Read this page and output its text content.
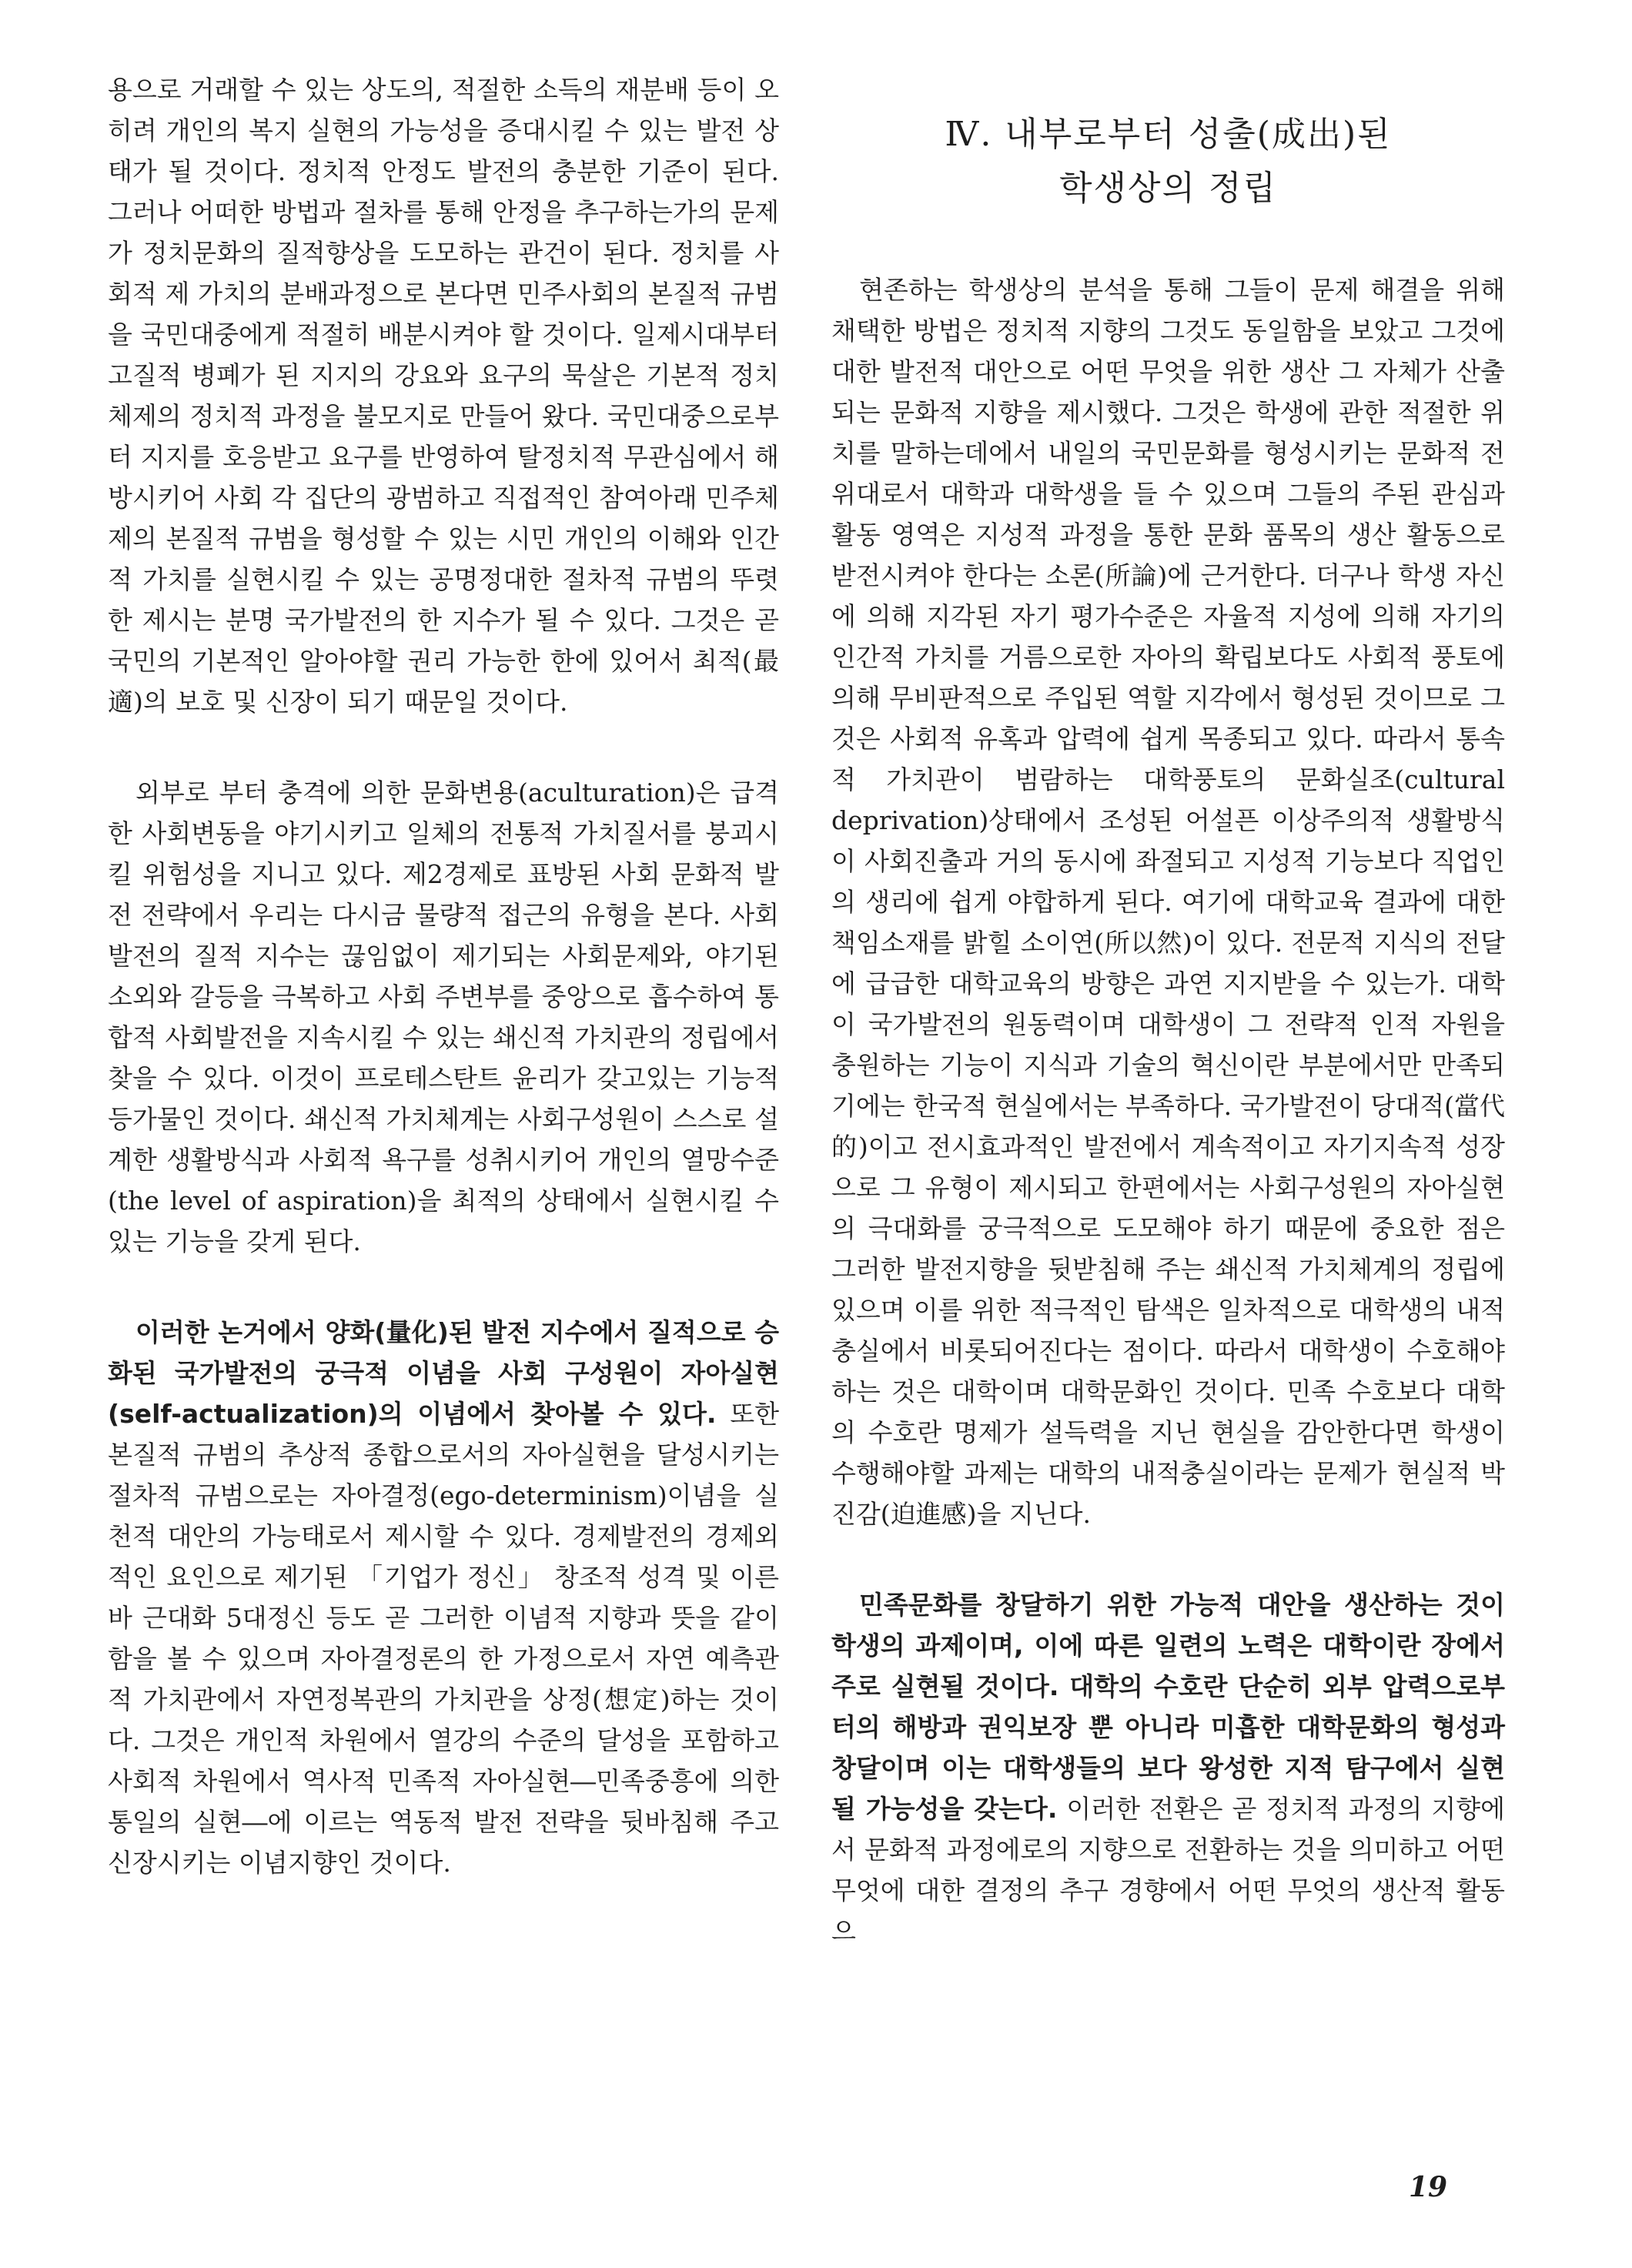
용으로 거래할 수 있는 상도의, 적절한 소득의 재분배 등이 오히려 개인의 복지 실현의 가능성을 증대시킬 수 있는 발전 상태가 될 것이다. 정치적 안정도 발전의 충분한 기준이 된다. 그러나 어떠한 방법과 절차를 통해 안정을 추구하는가의 문제가 정치문화의 질적향상을 도모하는 관건이 된다. 정치를 사회적 제 가치의 분배과정으로 본다면 민주사회의 본질적 규범을 국민대중에게 적절히 배분시켜야 할 것이다. 일제시대부터 고질적 병폐가 된 지지의 강요와 요구의 묵살은 기본적 정치체제의 정치적 과정을 불모지로 만들어 왔다. 국민대중으로부터 지지를 호응받고 요구를 반영하여 탈정치적 무관심에서 해방시키어 사회 각 집단의 광범하고 직접적인 참여아래 민주체제의 본질적 규범을 형성할 수 있는 시민 개인의 이해와 인간적 가치를 실현시킬 수 있는 공명정대한 절차적 규범의 뚜렷한 제시는 분명 국가발전의 한 지수가 될 수 있다. 그것은 곧 국민의 기본적인 알아야할 권리 가능한 한에 있어서 최적(最適)의 보호 및 신장이 되기 때문일 것이다.

외부로 부터 충격에 의한 문화변용(aculturation)은 급격한 사회변동을 야기시키고 일체의 전통적 가치질서를 붕괴시킬 위험성을 지니고 있다. 제2경제로 표방된 사회 문화적 발전 전략에서 우리는 다시금 물량적 접근의 유형을 본다. 사회발전의 질적 지수는 끊임없이 제기되는 사회문제와, 야기된 소외와 갈등을 극복하고 사회 주변부를 중앙으로 흡수하여 통합적 사회발전을 지속시킬 수 있는 쇄신적 가치관의 정립에서 찾을 수 있다. 이것이 프로테스탄트 윤리가 갖고있는 기능적 등가물인 것이다. 쇄신적 가치체계는 사회구성원이 스스로 설계한 생활방식과 사회적 욕구를 성취시키어 개인의 열망수준(the level of aspiration)을 최적의 상태에서 실현시킬 수 있는 기능을 갖게 된다.

이러한 논거에서 양화(量化)된 발전 지수에서 질적으로 승화된 국가발전의 궁극적 이념을 사회 구성원이 자아실현(self-actualization)의 이념에서 찾아볼 수 있다. 또한 본질적 규범의 추상적 종합으로서의 자아실현을 달성시키는 절차적 규범으로는 자아결정(ego-determinism)이념을 실천적 대안의 가능태로서 제시할 수 있다. 경제발전의 경제외적인 요인으로 제기된 「기업가 정신」 창조적 성격 및 이른바 근대화 5대정신 등도 곧 그러한 이념적 지향과 뜻을 같이함을 볼 수 있으며 자아결정론의 한 가정으로서 자연 예측관적 가치관에서 자연정복관의 가치관을 상정(想定)하는 것이다. 그것은 개인적 차원에서 열강의 수준의 달성을 포함하고 사회적 차원에서 역사적 민족적 자아실현―민족중흥에 의한 통일의 실현―에 이르는 역동적 발전 전략을 뒷바침해 주고 신장시키는 이념지향인 것이다.

Ⅳ. 내부로부터 성출(成出)된
학생상의 정립

현존하는 학생상의 분석을 통해 그들이 문제 해결을 위해 채택한 방법은 정치적 지향의 그것도 동일함을 보았고 그것에 대한 발전적 대안으로 어떤 무엇을 위한 생산 그 자체가 산출되는 문화적 지향을 제시했다. 그것은 학생에 관한 적절한 위치를 말하는데에서 내일의 국민문화를 형성시키는 문화적 전위대로서 대학과 대학생을 들 수 있으며 그들의 주된 관심과 활동 영역은 지성적 과정을 통한 문화 품목의 생산 활동으로 받전시켜야 한다는 소론(所論)에 근거한다. 더구나 학생 자신에 의해 지각된 자기 평가수준은 자율적 지성에 의해 자기의 인간적 가치를 거름으로한 자아의 확립보다도 사회적 풍토에 의해 무비판적으로 주입된 역할 지각에서 형성된 것이므로 그것은 사회적 유혹과 압력에 쉽게 목종되고 있다. 따라서 통속적 가치관이 범람하는 대학풍토의 문화실조(cultural deprivation)상태에서 조성된 어설픈 이상주의적 생활방식이 사회진출과 거의 동시에 좌절되고 지성적 기능보다 직업인의 생리에 쉽게 야합하게 된다. 여기에 대학교육 결과에 대한 책임소재를 밝힐 소이연(所以然)이 있다. 전문적 지식의 전달에 급급한 대학교육의 방향은 과연 지지받을 수 있는가. 대학이 국가발전의 원동력이며 대학생이 그 전략적 인적 자원을 충원하는 기능이 지식과 기술의 혁신이란 부분에서만 만족되기에는 한국적 현실에서는 부족하다. 국가발전이 당대적(當代的)이고 전시효과적인 발전에서 계속적이고 자기지속적 성장으로 그 유형이 제시되고 한편에서는 사회구성원의 자아실현의 극대화를 궁극적으로 도모해야 하기 때문에 중요한 점은 그러한 발전지향을 뒷받침해 주는 쇄신적 가치체계의 정립에 있으며 이를 위한 적극적인 탐색은 일차적으로 대학생의 내적 충실에서 비롯되어진다는 점이다. 따라서 대학생이 수호해야 하는 것은 대학이며 대학문화인 것이다. 민족 수호보다 대학의 수호란 명제가 설득력을 지닌 현실을 감안한다면 학생이 수행해야할 과제는 대학의 내적충실이라는 문제가 현실적 박진감(迫進感)을 지닌다.

민족문화를 창달하기 위한 가능적 대안을 생산하는 것이 학생의 과제이며, 이에 따른 일련의 노력은 대학이란 장에서 주로 실현될 것이다. 대학의 수호란 단순히 외부 압력으로부터의 해방과 권익보장 뿐 아니라 미흡한 대학문화의 형성과 창달이며 이는 대학생들의 보다 왕성한 지적 탐구에서 실현될 가능성을 갖는다. 이러한 전환은 곧 정치적 과정의 지향에서 문화적 과정에로의 지향으로 전환하는 것을 의미하고 어떤 무엇에 대한 결정의 추구 경향에서 어떤 무엇의 생산적 활동으

19
